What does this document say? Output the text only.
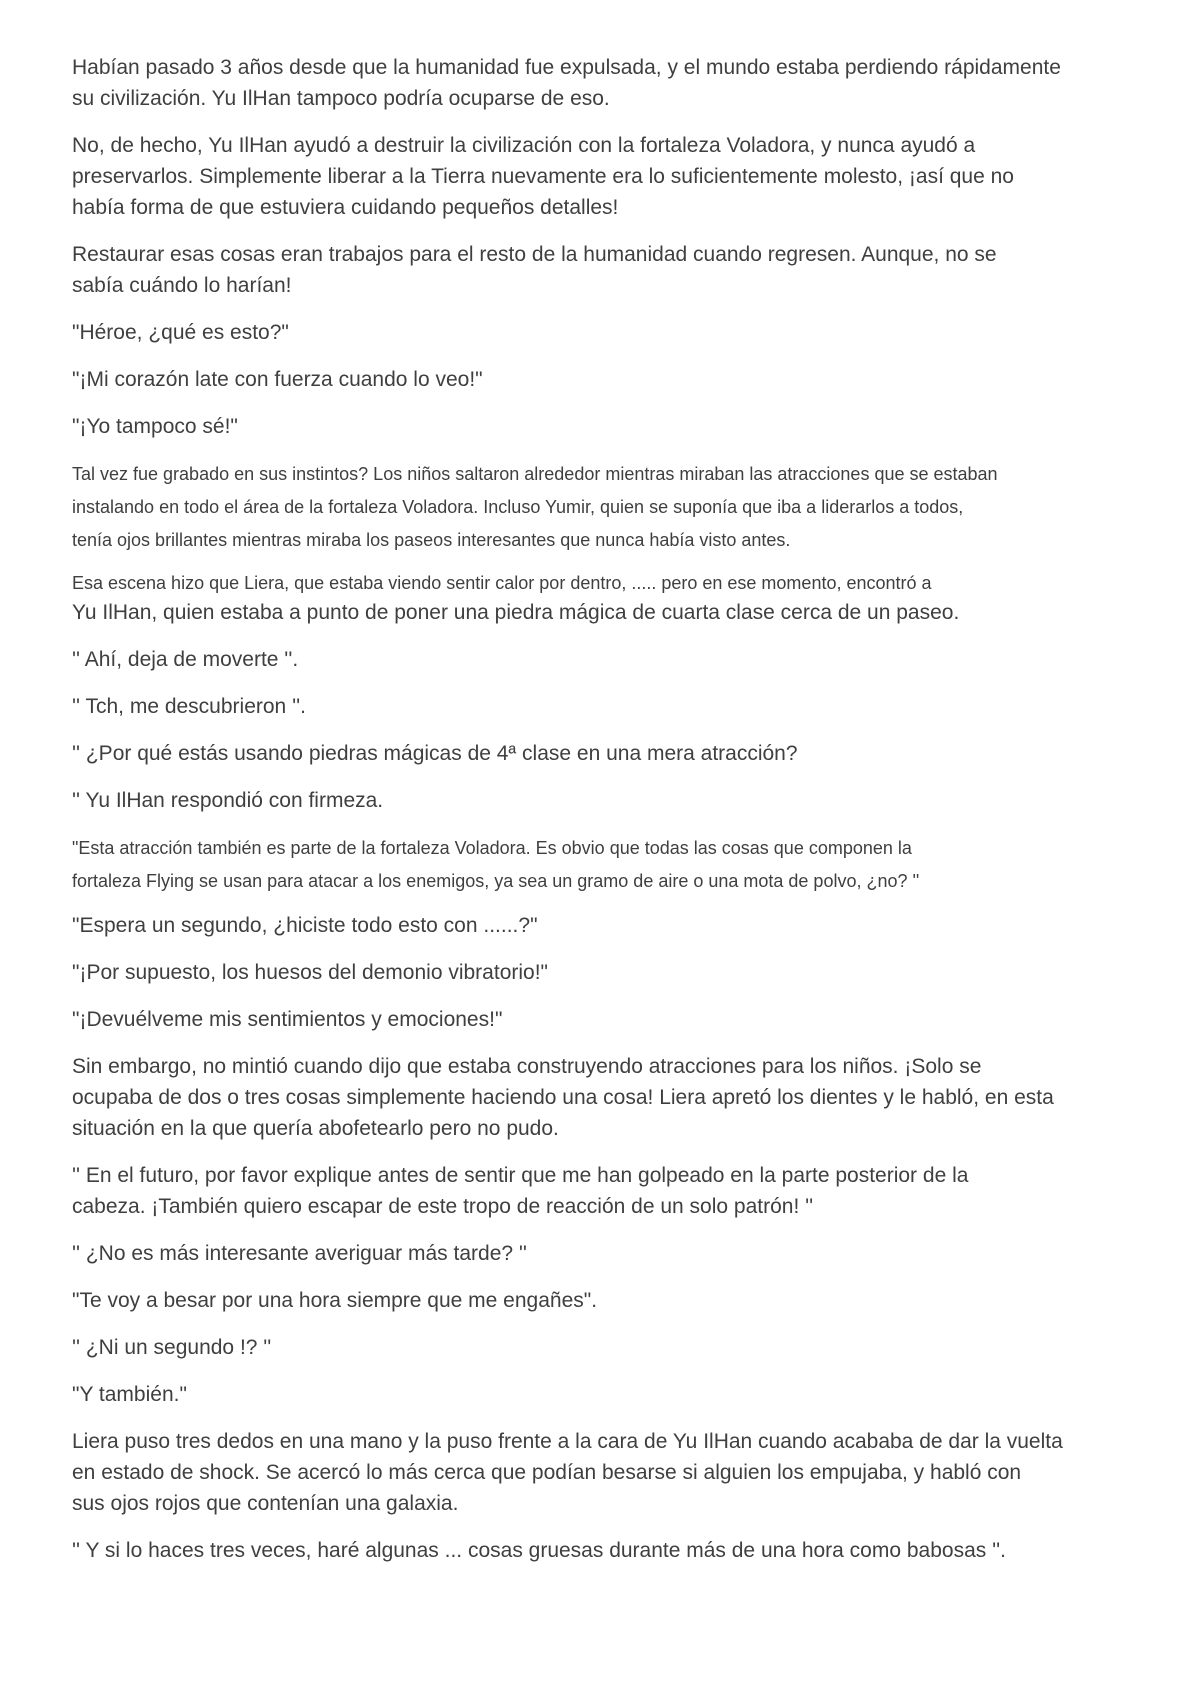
Habían pasado 3 años desde que la humanidad fue expulsada, y el mundo estaba perdiendo rápidamente
su civilización. Yu IlHan tampoco podría ocuparse de eso.

No, de hecho, Yu IlHan ayudó a destruir la civilización con la fortaleza Voladora, y nunca ayudó a
preservarlos. Simplemente liberar a la Tierra nuevamente era lo suficientemente molesto, ¡así que no
había forma de que estuviera cuidando pequeños detalles!

Restaurar esas cosas eran trabajos para el resto de la humanidad cuando regresen. Aunque, no se
sabía cuándo lo harían!

"Héroe, ¿qué es esto?"

"¡Mi corazón late con fuerza cuando lo veo!"

"¡Yo tampoco sé!"

Tal vez fue grabado en sus instintos? Los niños saltaron alrededor mientras miraban las atracciones que se estaban
instalando en todo el área de la fortaleza Voladora. Incluso Yumir, quien se suponía que iba a liderarlos a todos,
tenía ojos brillantes mientras miraba los paseos interesantes que nunca había visto antes.

Esa escena hizo que Liera, que estaba viendo sentir calor por dentro, ..... pero en ese momento, encontró a
Yu IlHan, quien estaba a punto de poner una piedra mágica de cuarta clase cerca de un paseo.

'' Ahí, deja de moverte ''.

'' Tch, me descubrieron ''.

'' ¿Por qué estás usando piedras mágicas de 4ª clase en una mera atracción?

'' Yu IlHan respondió con firmeza.

"Esta atracción también es parte de la fortaleza Voladora. Es obvio que todas las cosas que componen la
fortaleza Flying se usan para atacar a los enemigos, ya sea un gramo de aire o una mota de polvo, ¿no? ''

"Espera un segundo, ¿hiciste todo esto con ......?"

"¡Por supuesto, los huesos del demonio vibratorio!"

"¡Devuélveme mis sentimientos y emociones!"

Sin embargo, no mintió cuando dijo que estaba construyendo atracciones para los niños. ¡Solo se
ocupaba de dos o tres cosas simplemente haciendo una cosa! Liera apretó los dientes y le habló, en esta
situación en la que quería abofetearlo pero no pudo.

'' En el futuro, por favor explique antes de sentir que me han golpeado en la parte posterior de la
cabeza. ¡También quiero escapar de este tropo de reacción de un solo patrón! ''

'' ¿No es más interesante averiguar más tarde? ''

"Te voy a besar por una hora siempre que me engañes".

'' ¿Ni un segundo !? ''

"Y también."

Liera puso tres dedos en una mano y la puso frente a la cara de Yu IlHan cuando acababa de dar la vuelta
en estado de shock. Se acercó lo más cerca que podían besarse si alguien los empujaba, y habló con
sus ojos rojos que contenían una galaxia.

'' Y si lo haces tres veces, haré algunas ... cosas gruesas durante más de una hora como babosas ''.
